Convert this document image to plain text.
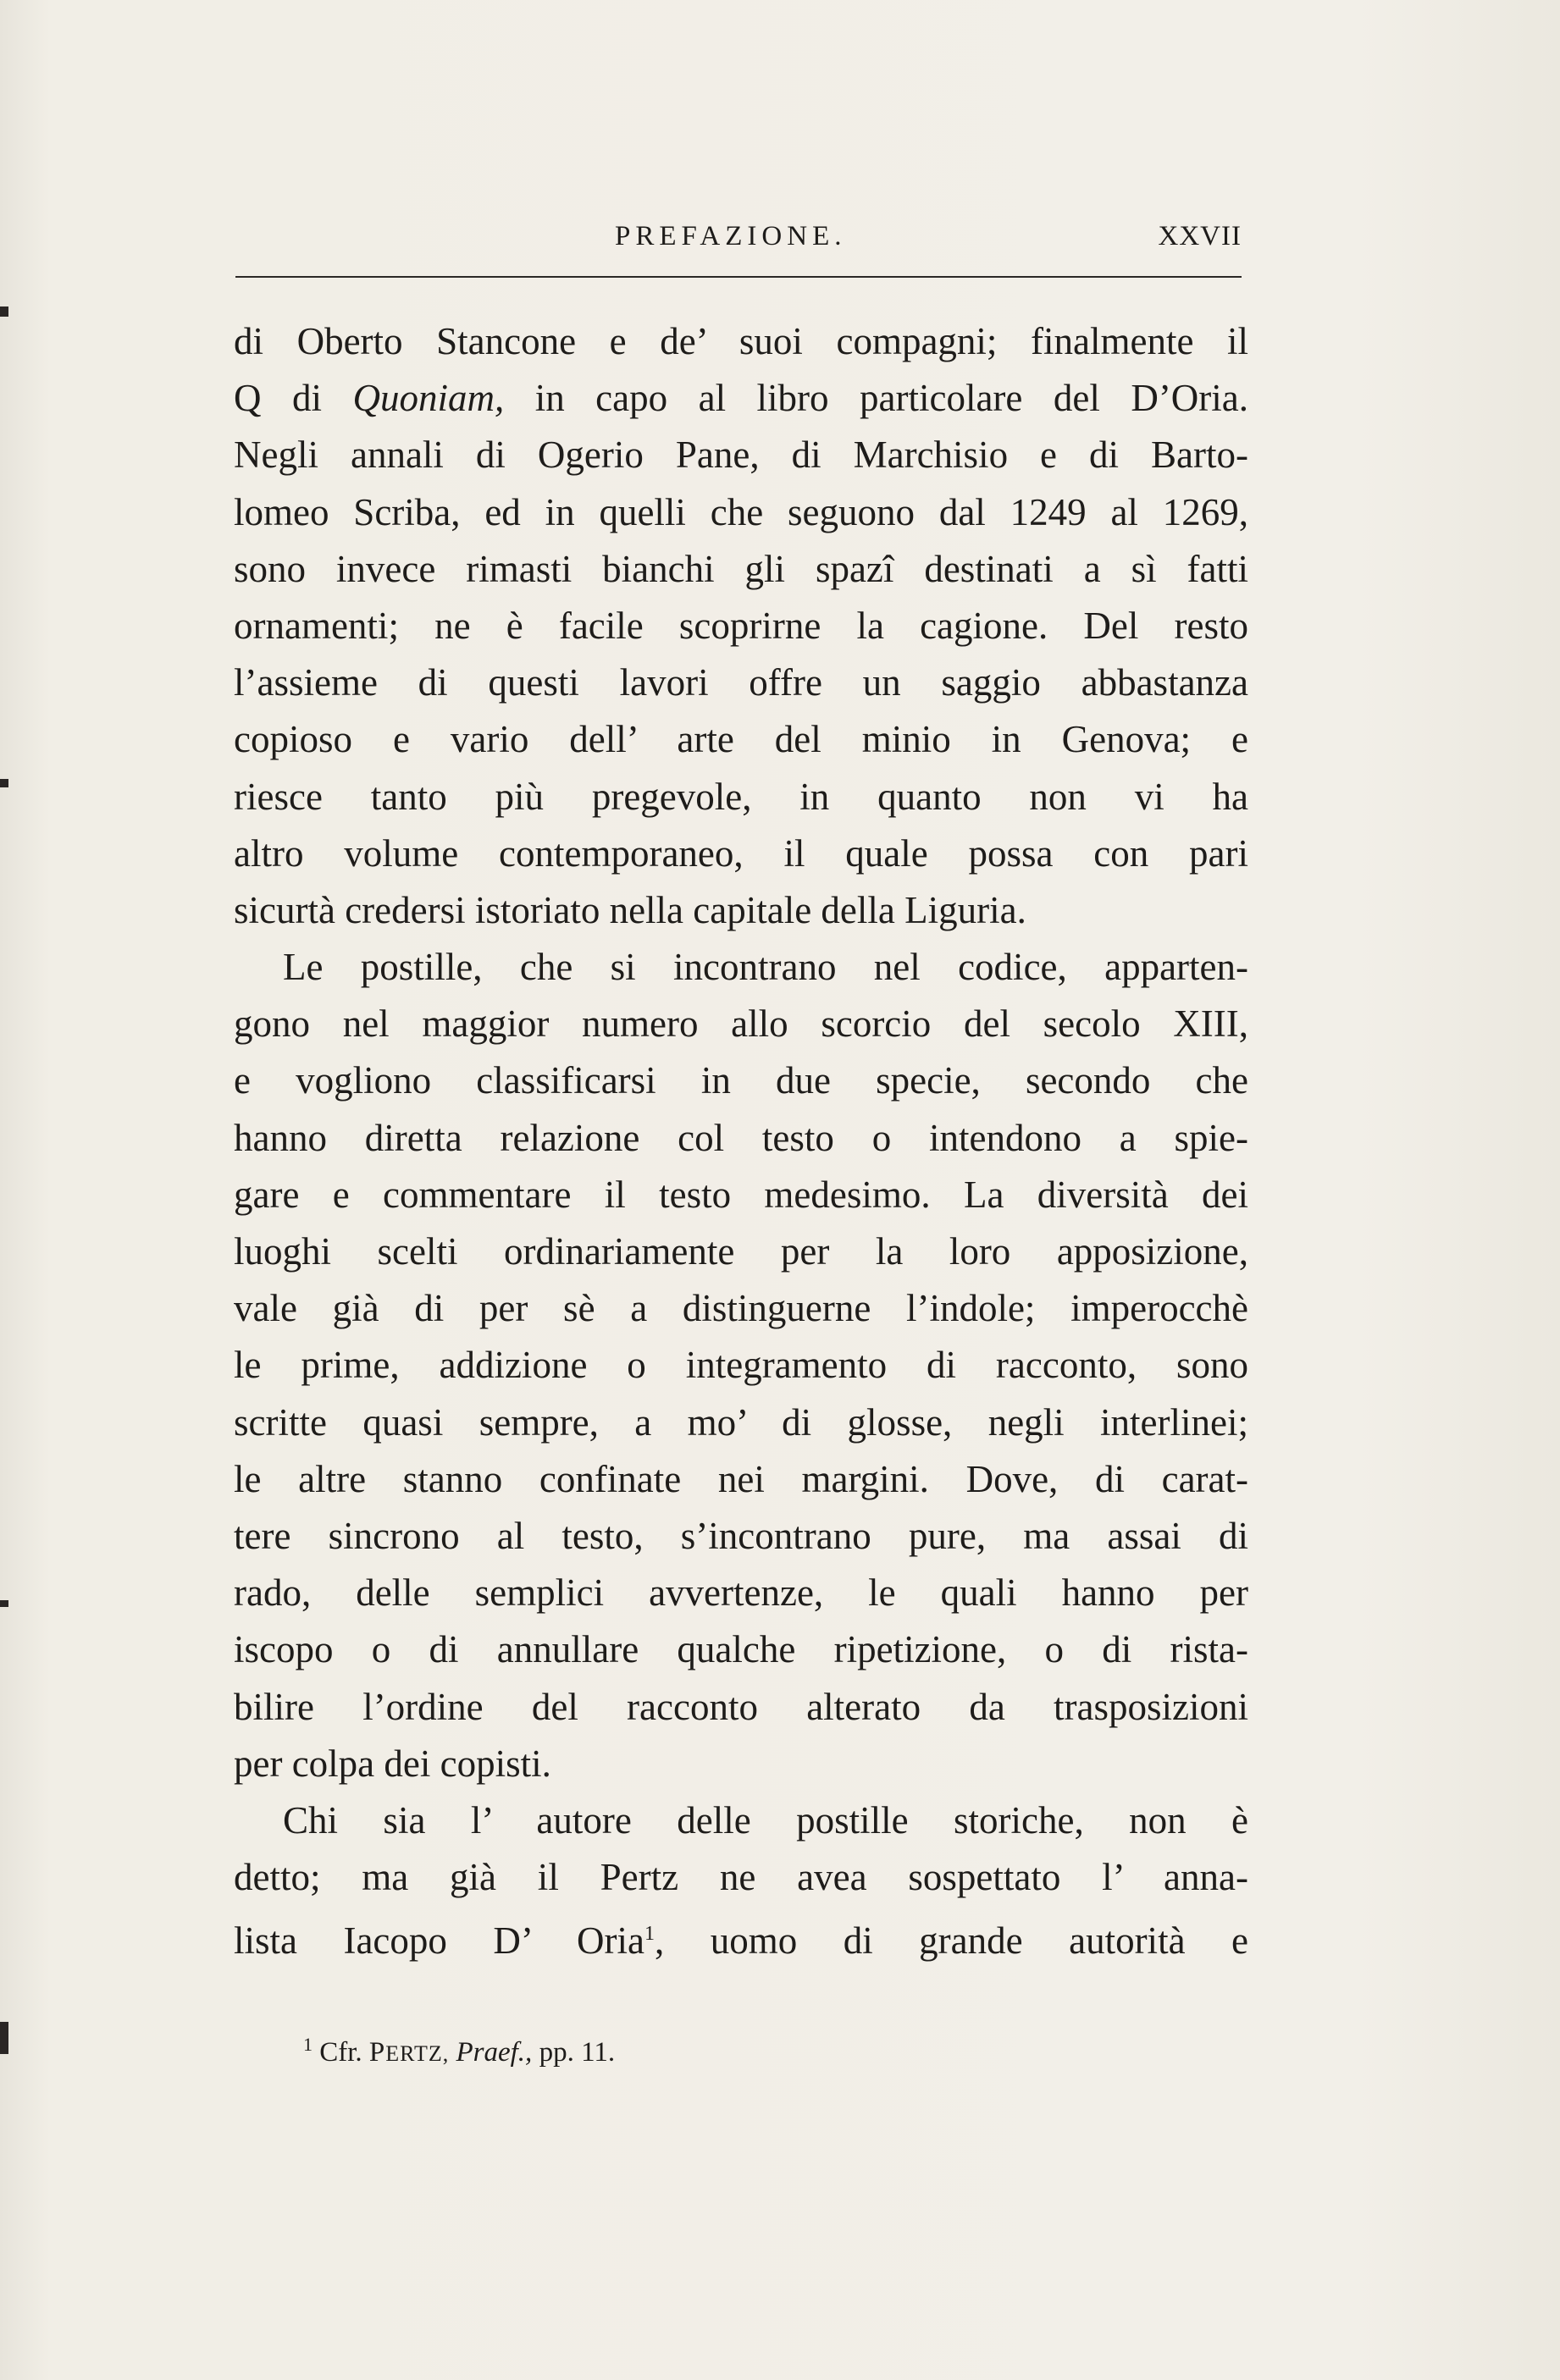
PREFAZIONE.	XXVII
di Oberto Stancone e de’ suoi compagni; finalmente il
Q di Quoniam, in capo al libro particolare del D’Oria.
Negli annali di Ogerio Pane, di Marchisio e di Barto-
lomeo Scriba, ed in quelli che seguono dal 1249 al 1269,
sono invece rimasti bianchi gli spazî destinati a sì fatti
ornamenti; ne è facile scoprirne la cagione. Del resto
l’assieme di questi lavori offre un saggio abbastanza
copioso e vario dell’ arte del minio in Genova; e
riesce tanto più pregevole, in quanto non vi ha
altro volume contemporaneo, il quale possa con pari
sicurtà credersi istoriato nella capitale della Liguria.
Le postille, che si incontrano nel codice, apparten-
gono nel maggior numero allo scorcio del secolo XIII,
e vogliono classificarsi in due specie, secondo che
hanno diretta relazione col testo o intendono a spie-
gare e commentare il testo medesimo. La diversità dei
luoghi scelti ordinariamente per la loro apposizione,
vale già di per sè a distinguerne l’indole; imperocchè
le prime, addizione o integramento di racconto, sono
scritte quasi sempre, a mo’ di glosse, negli interlinei;
le altre stanno confinate nei margini. Dove, di carat-
tere sincrono al testo, s’incontrano pure, ma assai di
rado, delle semplici avvertenze, le quali hanno per
iscopo o di annullare qualche ripetizione, o di rista-
bilire l’ordine del racconto alterato da trasposizioni
per colpa dei copisti.
Chi sia l’ autore delle postille storiche, non è
detto; ma già il Pertz ne avea sospettato l’ anna-
lista Iacopo D’ Oria$^1$, uomo di grande autorità e
$^1$ Cfr. PERTZ, Praef., pp. 11.
